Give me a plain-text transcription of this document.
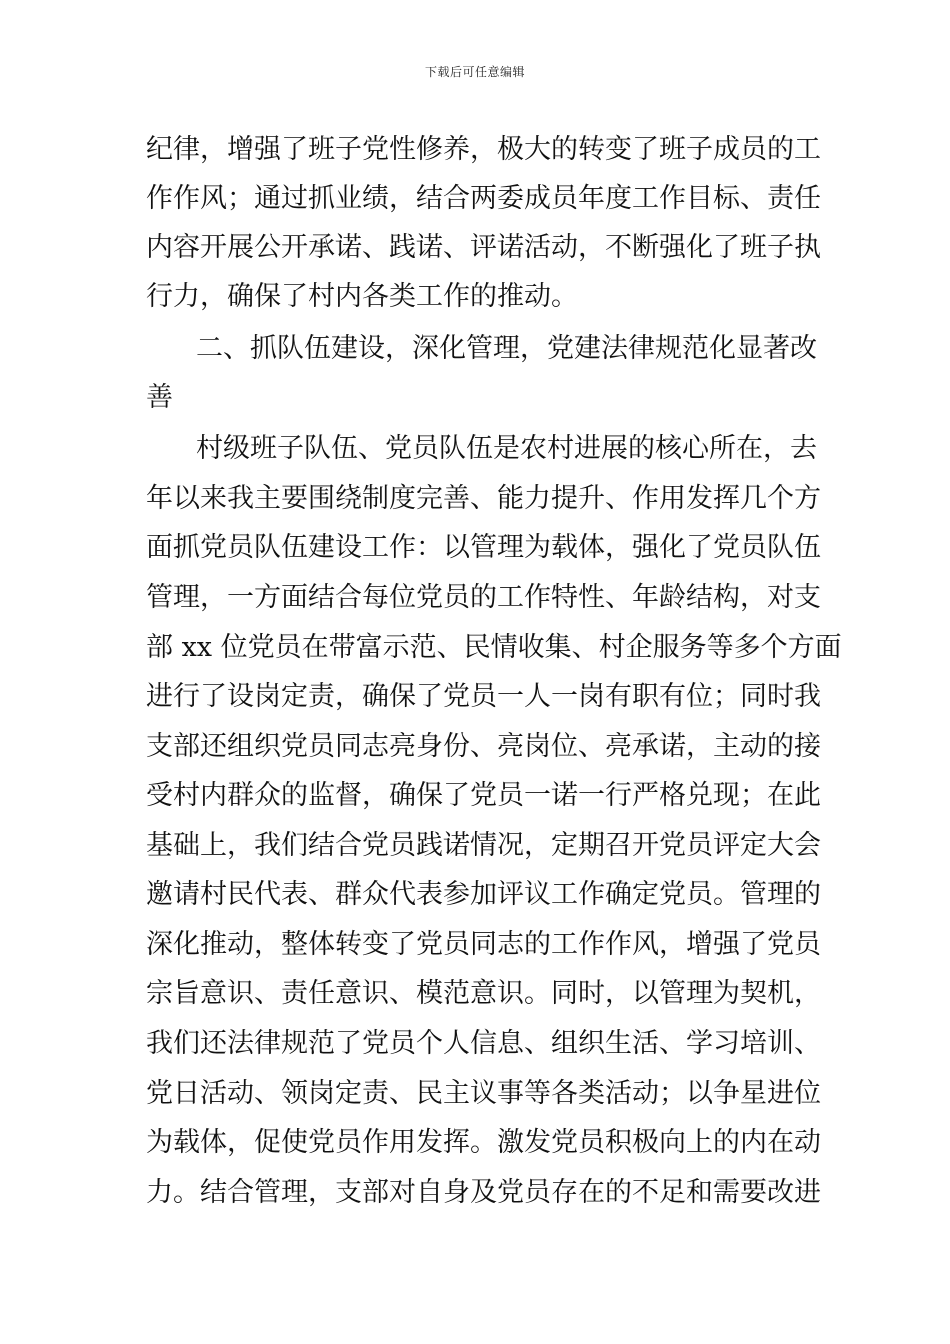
下载后可任意编辑
纪律，增强了班子党性修养，极大的转变了班子成员的工
作作风；通过抓业绩，结合两委成员年度工作目标、责任
内容开展公开承诺、践诺、评诺活动，不断强化了班子执
行力，确保了村内各类工作的推动。
二、抓队伍建设，深化管理，党建法律规范化显著改
善
村级班子队伍、党员队伍是农村进展的核心所在，去
年以来我主要围绕制度完善、能力提升、作用发挥几个方
面抓党员队伍建设工作：以管理为载体，强化了党员队伍
管理，一方面结合每位党员的工作特性、年龄结构，对支
部 xx 位党员在带富示范、民情收集、村企服务等多个方面
进行了设岗定责，确保了党员一人一岗有职有位；同时我
支部还组织党员同志亮身份、亮岗位、亮承诺，主动的接
受村内群众的监督，确保了党员一诺一行严格兑现；在此
基础上，我们结合党员践诺情况，定期召开党员评定大会
邀请村民代表、群众代表参加评议工作确定党员。管理的
深化推动，整体转变了党员同志的工作作风，增强了党员
宗旨意识、责任意识、模范意识。同时，以管理为契机，
我们还法律规范了党员个人信息、组织生活、学习培训、
党日活动、领岗定责、民主议事等各类活动；以争星进位
为载体，促使党员作用发挥。激发党员积极向上的内在动
力。结合管理，支部对自身及党员存在的不足和需要改进
